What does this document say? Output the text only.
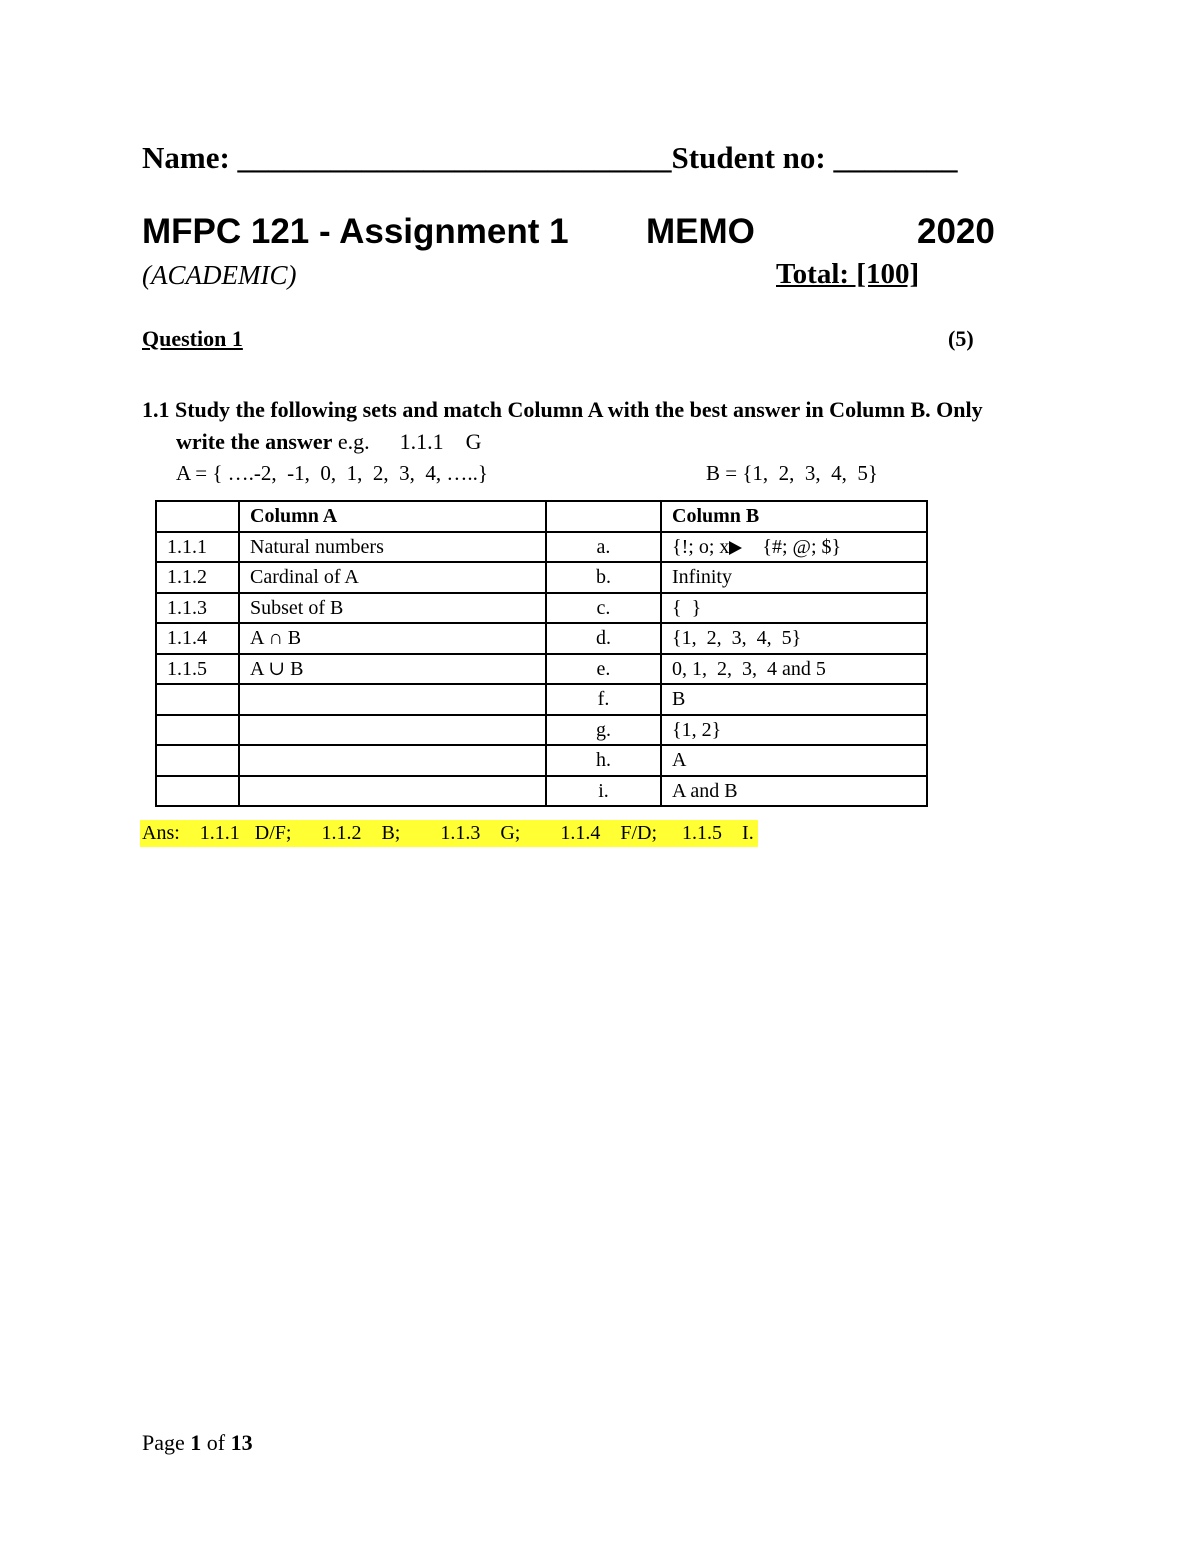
Name: ____________________________Student no: ________
MFPC 121 - Assignment 1 MEMO	2020
(ACADEMIC)	Total: [100]
Question 1	(5)
1.1 Study the following sets and match Column A with the best answer in Column B. Only
write the answer e.g. 1.1.1    G
A = { ….-2,  -1,  0,  1,  2,  3,  4, …..}	B = {1,  2,  3,  4,  5}
	Column A		Column B
1.1.1	Natural numbers	a.	{!; o; x {#; @; $}
1.1.2	Cardinal of A	b.	Infinity
1.1.3	Subset of B	c.	{  }
1.1.4	A ∩ B	d.	{1,  2,  3,  4,  5}
1.1.5	A ∪ B	e.	0, 1,  2,  3,  4 and 5
		f.	B
		g.	{1, 2}
		h.	A
		i.	A and B
Ans:    1.1.1   D/F;      1.1.2    B;        1.1.3    G;        1.1.4    F/D;     1.1.5    I.
Page 1 of 13
